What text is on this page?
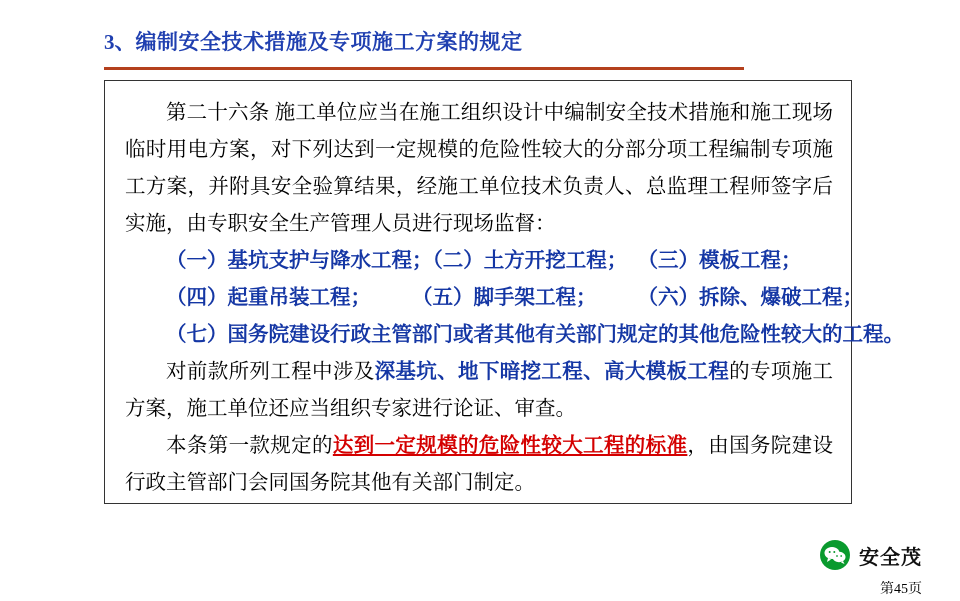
3、 编制安全技术措施及专项施工方案的规定
第二十六条 施工单位应当在施工组织设计中编制安全技术措施和施工现场临时用电方案，对下列达到一定规模的危险性较大的分部分项工程编制专项施工方案，并附具安全验算结果，经施工单位技术负责人、总监理工程师签字后实施，由专职安全生产管理人员进行现场监督：
（一）基坑支护与降水工程；（二）土方开挖工程；  （三）模板工程；
（四）起重吊装工程；        （五）脚手架工程；        （六）拆除、爆破工程；
（七）国务院建设行政主管部门或者其他有关部门规定的其他危险性较大的工程。
对前款所列工程中涉及深基坑、地下暗挖工程、高大模板工程的专项施工方案，施工单位还应当组织专家进行论证、审查。
本条第一款规定的达到一定规模的危险性较大工程的标准，由国务院建设行政主管部门会同国务院其他有关部门制定。
安全茂
第45页
